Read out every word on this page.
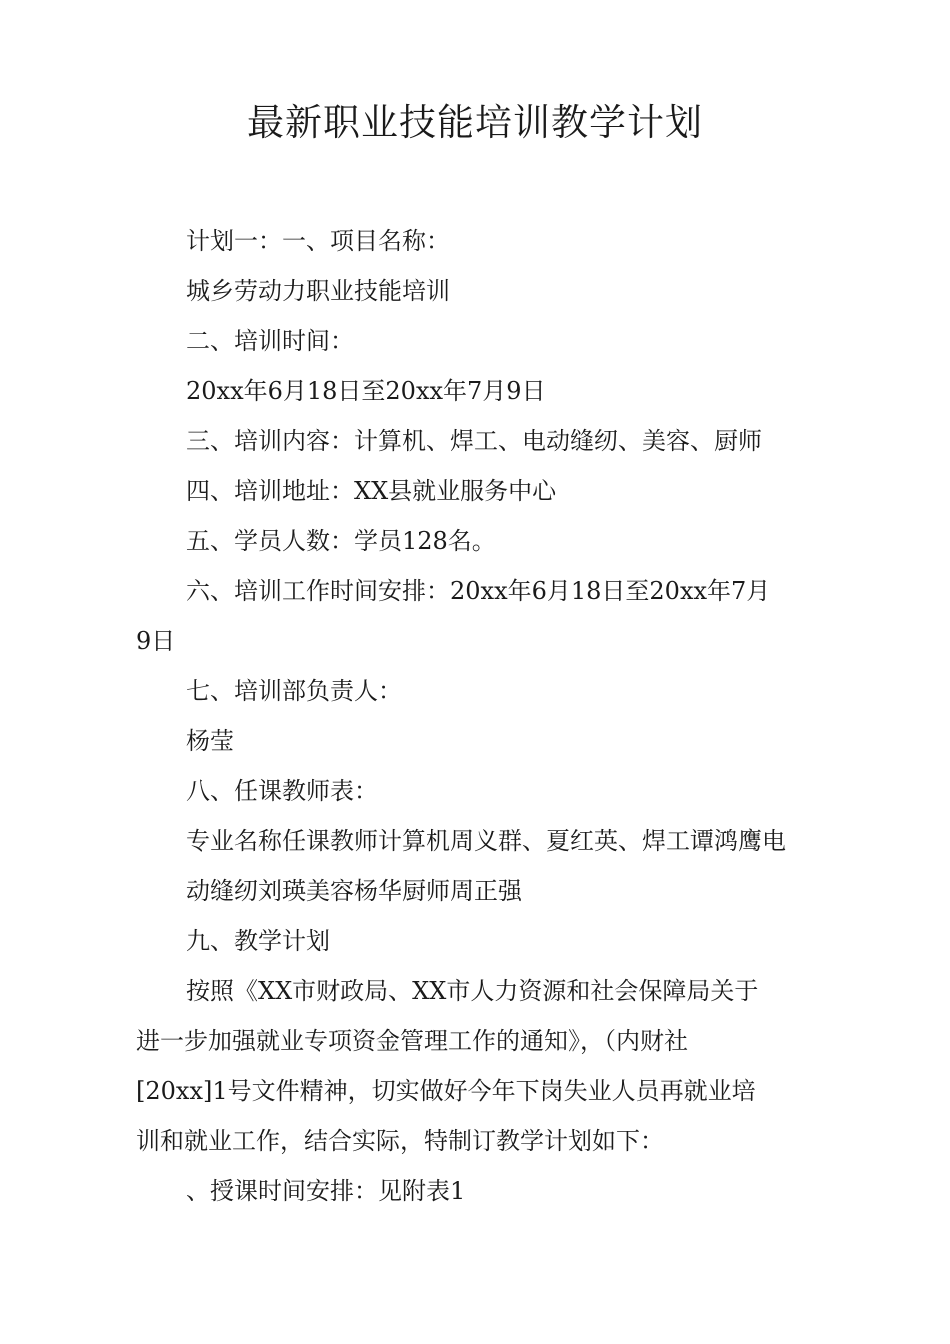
最新职业技能培训教学计划

计划一：一、项目名称：

城乡劳动力职业技能培训

二、培训时间：

20xx年6月18日至20xx年7月9日

三、培训内容：计算机、焊工、电动缝纫、美容、厨师

四、培训地址：XX县就业服务中心

五、学员人数：学员128名。

六、培训工作时间安排：20xx年6月18日至20xx年7月

9日

七、培训部负责人：

杨莹

八、任课教师表：

专业名称任课教师计算机周义群、夏红英、焊工谭鸿鹰电

动缝纫刘瑛美容杨华厨师周正强

九、教学计划

按照《XX市财政局、XX市人力资源和社会保障局关于

进一步加强就业专项资金管理工作的通知》，（内财社

[20xx]1号文件精神，切实做好今年下岗失业人员再就业培

训和就业工作，结合实际，特制订教学计划如下：

、授课时间安排：见附表1
